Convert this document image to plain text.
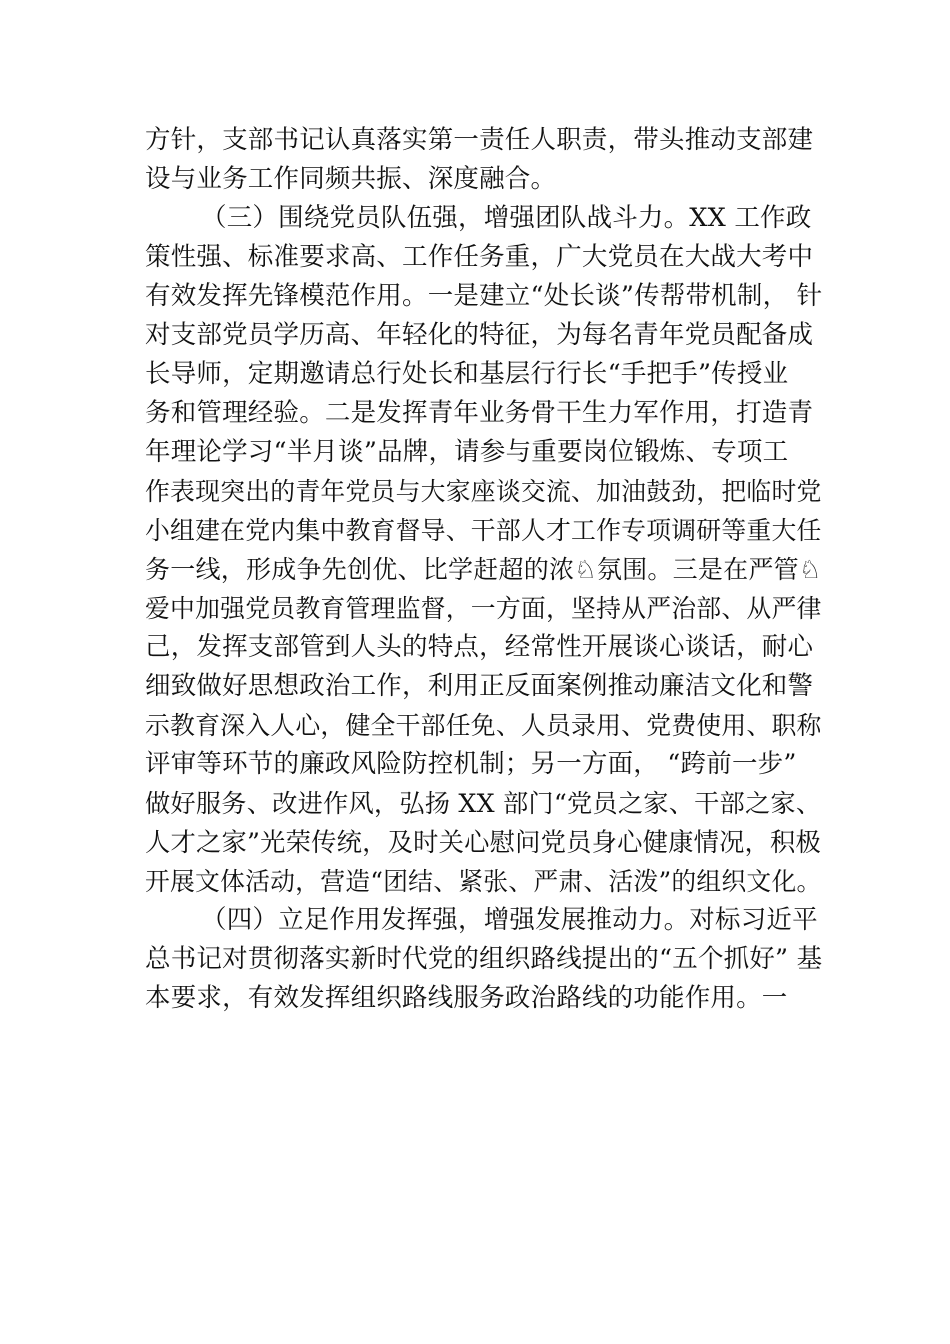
方针，支部书记认真落实第一责任人职责，带头推动支部建
设与业务工作同频共振、深度融合。
（三）围绕党员队伍强，增强团队战斗力。XX 工作政
策性强、标准要求高、工作任务重，广大党员在大战大考中
有效发挥先锋模范作用。一是建立“处长谈”传帮带机制， 针
对支部党员学历高、年轻化的特征，为每名青年党员配备成
长导师，定期邀请总行处长和基层行行长“手把手”传授业
务和管理经验。二是发挥青年业务骨干生力军作用，打造青
年理论学习“半月谈”品牌，请参与重要岗位锻炼、专项工
作表现突出的青年党员与大家座谈交流、加油鼓劲，把临时党
小组建在党内集中教育督导、干部人才工作专项调研等重大任
务一线，形成争先创优、比学赶超的浓♘氛围。三是在严管♘
爱中加强党员教育管理监督，一方面，坚持从严治部、从严律
己，发挥支部管到人头的特点，经常性开展谈心谈话，耐心
细致做好思想政治工作，利用正反面案例推动廉洁文化和警
示教育深入人心，健全干部任免、人员录用、党费使用、职称
评审等环节的廉政风险防控机制；另一方面， “跨前一步”
做好服务、改进作风，弘扬 XX 部门“党员之家、干部之家、
人才之家”光荣传统，及时关心慰问党员身心健康情况，积极
开展文体活动，营造“团结、紧张、严肃、活泼”的组织文化。
（四）立足作用发挥强，增强发展推动力。对标习近平
总书记对贯彻落实新时代党的组织路线提出的“五个抓好” 基
本要求，有效发挥组织路线服务政治路线的功能作用。一
